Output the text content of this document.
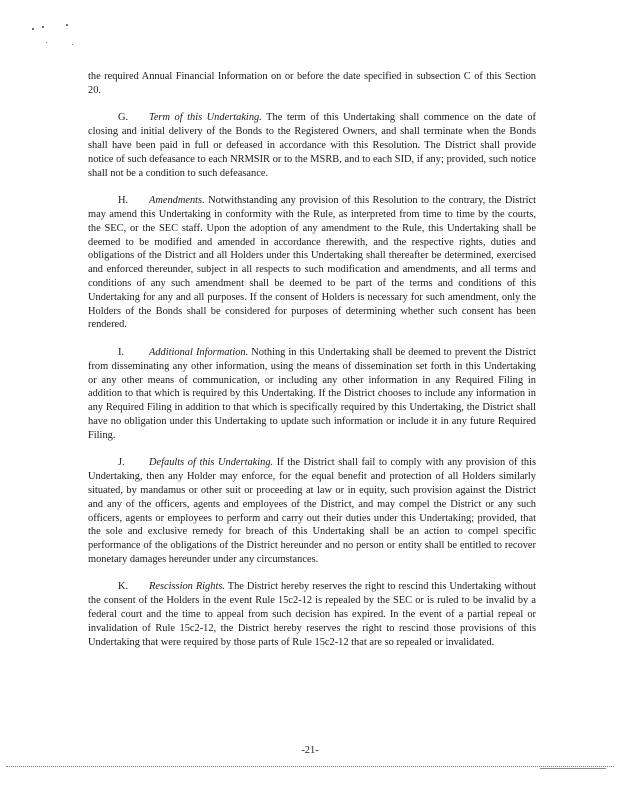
the required Annual Financial Information on or before the date specified in subsection C of this Section 20.

G. Term of this Undertaking. The term of this Undertaking shall commence on the date of closing and initial delivery of the Bonds to the Registered Owners, and shall terminate when the Bonds shall have been paid in full or defeased in accordance with this Resolution. The District shall provide notice of such defeasance to each NRMSIR or to the MSRB, and to each SID, if any; provided, such notice shall not be a condition to such defeasance.

H. Amendments. Notwithstanding any provision of this Resolution to the contrary, the District may amend this Undertaking in conformity with the Rule, as interpreted from time to time by the courts, the SEC, or the SEC staff. Upon the adoption of any amendment to the Rule, this Undertaking shall be deemed to be modified and amended in accordance therewith, and the respective rights, duties and obligations of the District and all Holders under this Undertaking shall thereafter be determined, exercised and enforced thereunder, subject in all respects to such modification and amendments, and all terms and conditions of any such amendment shall be deemed to be part of the terms and conditions of this Undertaking for any and all purposes. If the consent of Holders is necessary for such amendment, only the Holders of the Bonds shall be considered for purposes of determining whether such consent has been rendered.

I. Additional Information. Nothing in this Undertaking shall be deemed to prevent the District from disseminating any other information, using the means of dissemination set forth in this Undertaking or any other means of communication, or including any other information in any Required Filing in addition to that which is required by this Undertaking. If the District chooses to include any information in any Required Filing in addition to that which is specifically required by this Undertaking, the District shall have no obligation under this Undertaking to update such information or include it in any future Required Filing.

J. Defaults of this Undertaking. If the District shall fail to comply with any provision of this Undertaking, then any Holder may enforce, for the equal benefit and protection of all Holders similarly situated, by mandamus or other suit or proceeding at law or in equity, such provision against the District and any of the officers, agents and employees of the District, and may compel the District or any such officers, agents or employees to perform and carry out their duties under this Undertaking; provided, that the sole and exclusive remedy for breach of this Undertaking shall be an action to compel specific performance of the obligations of the District hereunder and no person or entity shall be entitled to recover monetary damages hereunder under any circumstances.

K. Rescission Rights. The District hereby reserves the right to rescind this Undertaking without the consent of the Holders in the event Rule 15c2-12 is repealed by the SEC or is ruled to be invalid by a federal court and the time to appeal from such decision has expired. In the event of a partial repeal or invalidation of Rule 15c2-12, the District hereby reserves the right to rescind those provisions of this Undertaking that were required by those parts of Rule 15c2-12 that are so repealed or invalidated.

-21-
